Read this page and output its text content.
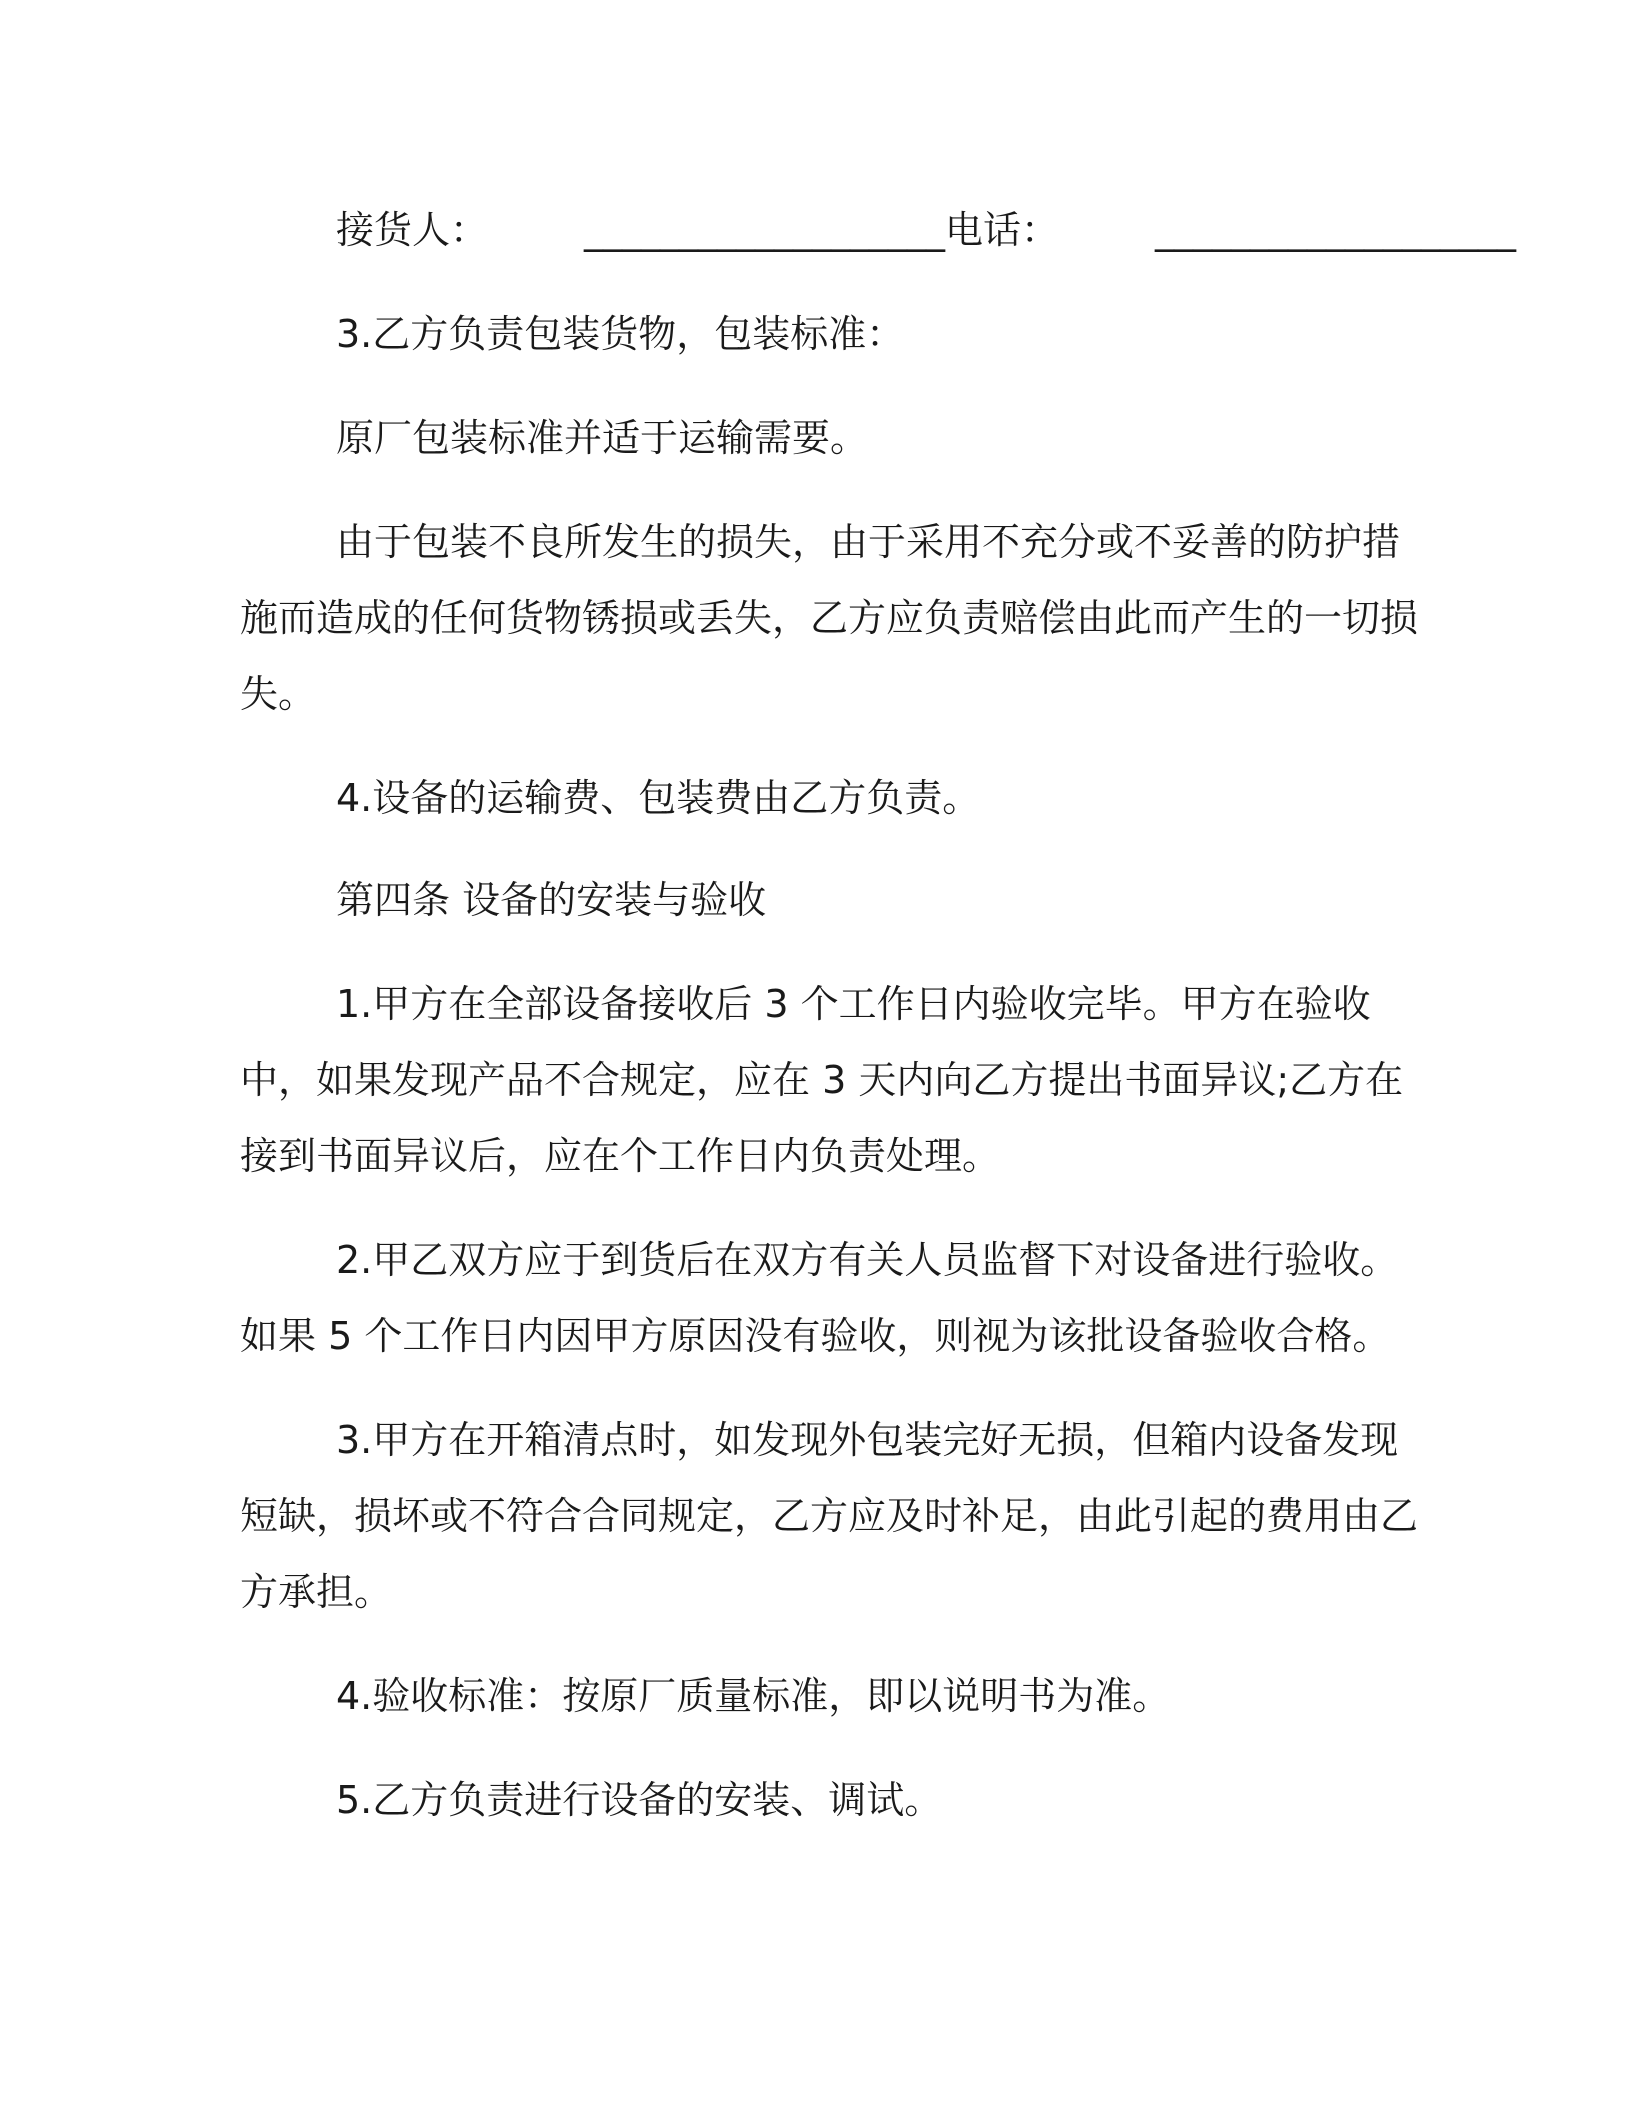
接货人：	___________________电话：	___________________

3.乙方负责包装货物，包装标准：

原厂包装标准并适于运输需要。

由于包装不良所发生的损失，由于采用不充分或不妥善的防护措施而造成的任何货物锈损或丢失，乙方应负责赔偿由此而产生的一切损失。

4.设备的运输费、包装费由乙方负责。

第四条 设备的安装与验收

1.甲方在全部设备接收后 3 个工作日内验收完毕。甲方在验收中，如果发现产品不合规定，应在 3 天内向乙方提出书面异议;乙方在接到书面异议后，应在个工作日内负责处理。

2.甲乙双方应于到货后在双方有关人员监督下对设备进行验收。如果 5 个工作日内因甲方原因没有验收，则视为该批设备验收合格。

3.甲方在开箱清点时，如发现外包装完好无损，但箱内设备发现短缺，损坏或不符合合同规定，乙方应及时补足，由此引起的费用由乙方承担。

4.验收标准：按原厂质量标准，即以说明书为准。

5.乙方负责进行设备的安装、调试。
